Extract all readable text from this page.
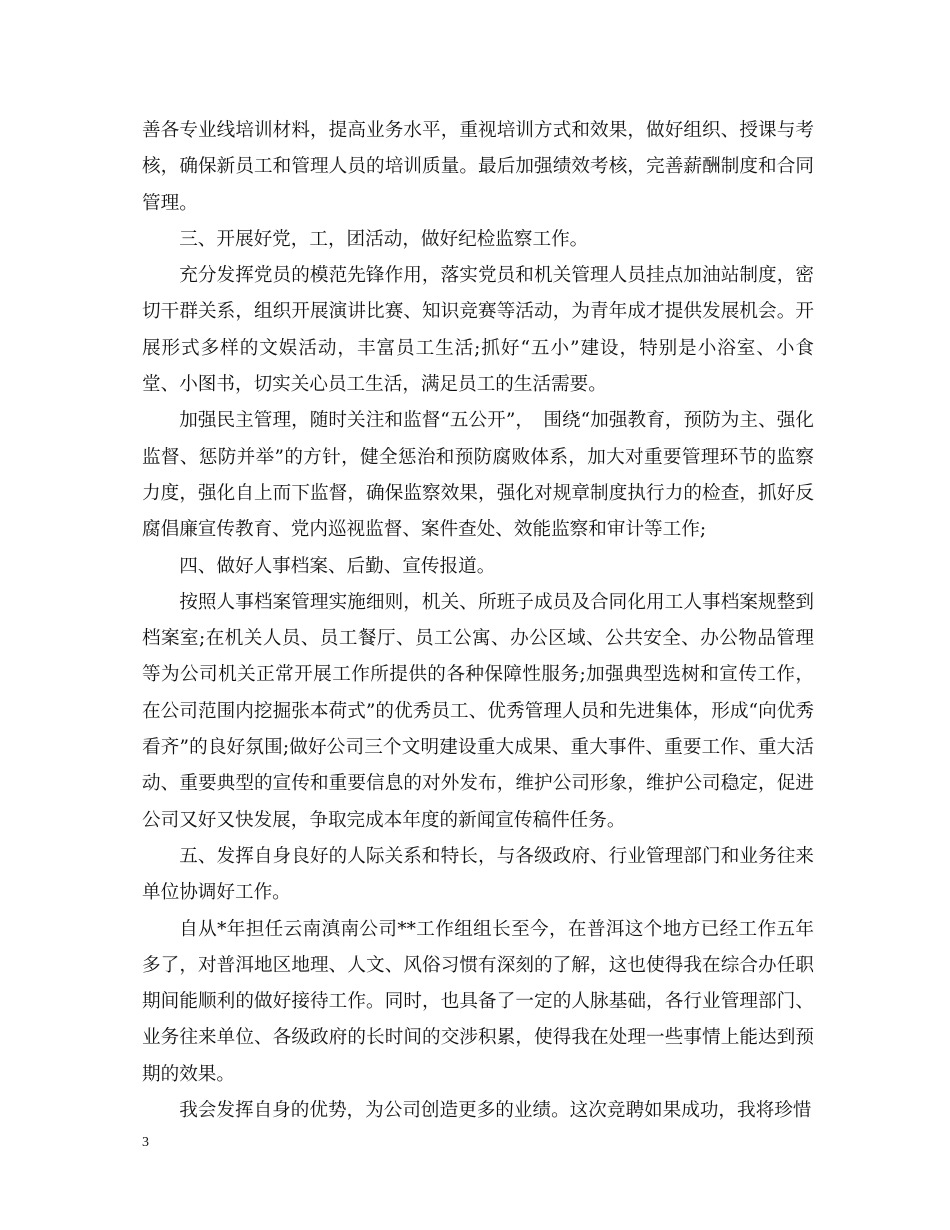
善各专业线培训材料，提高业务水平，重视培训方式和效果，做好组织、授课与考核，确保新员工和管理人员的培训质量。最后加强绩效考核，完善薪酬制度和合同管理。

三、开展好党，工，团活动，做好纪检监察工作。

充分发挥党员的模范先锋作用，落实党员和机关管理人员挂点加油站制度，密切干群关系，组织开展演讲比赛、知识竞赛等活动，为青年成才提供发展机会。开展形式多样的文娱活动，丰富员工生活;抓好“五小”建设，特别是小浴室、小食堂、小图书，切实关心员工生活，满足员工的生活需要。

加强民主管理，随时关注和监督“五公开”，　围绕“加强教育，预防为主、强化监督、惩防并举”的方针，健全惩治和预防腐败体系，加大对重要管理环节的监察力度，强化自上而下监督，确保监察效果，强化对规章制度执行力的检查，抓好反腐倡廉宣传教育、党内巡视监督、案件查处、效能监察和审计等工作;

四、做好人事档案、后勤、宣传报道。

按照人事档案管理实施细则，机关、所班子成员及合同化用工人事档案规整到档案室;在机关人员、员工餐厅、员工公寓、办公区域、公共安全、办公物品管理等为公司机关正常开展工作所提供的各种保障性服务;加强典型选树和宣传工作，在公司范围内挖掘张本荷式”的优秀员工、优秀管理人员和先进集体，形成“向优秀看齐”的良好氛围;做好公司三个文明建设重大成果、重大事件、重要工作、重大活动、重要典型的宣传和重要信息的对外发布，维护公司形象，维护公司稳定，促进公司又好又快发展，争取完成本年度的新闻宣传稿件任务。

五、发挥自身良好的人际关系和特长，与各级政府、行业管理部门和业务往来单位协调好工作。

自从*年担任云南滇南公司**工作组组长至今，在普洱这个地方已经工作五年多了，对普洱地区地理、人文、风俗习惯有深刻的了解，这也使得我在综合办任职期间能顺利的做好接待工作。同时，也具备了一定的人脉基础，各行业管理部门、业务往来单位、各级政府的长时间的交涉积累，使得我在处理一些事情上能达到预期的效果。

我会发挥自身的优势，为公司创造更多的业绩。这次竞聘如果成功，我将珍惜

3
